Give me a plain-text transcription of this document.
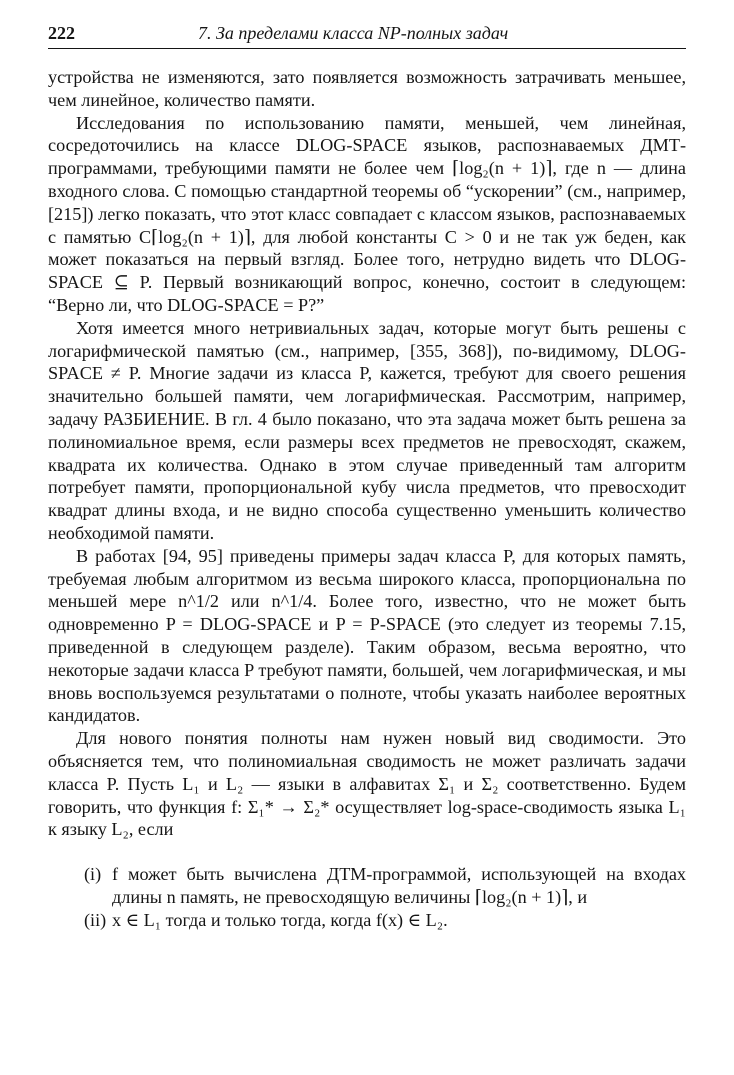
222	7. За пределами класса NP-полных задач

устройства не изменяются, зато появляется возможность затрачивать меньшее, чем линейное, количество памяти.

Исследования по использованию памяти, меньшей, чем линейная, сосредоточились на классе DLOG-SPACE языков, распознаваемых ДМТ-программами, требующими памяти не более чем ⌈log₂(n + 1)⌉, где n — длина входного слова. С помощью стандартной теоремы об “ускорении” (см., например, [215]) легко показать, что этот класс совпадает с классом языков, распознаваемых с памятью C⌈log₂(n + 1)⌉, для любой константы C > 0 и не так уж беден, как может показаться на первый взгляд. Более того, нетрудно видеть что DLOG-SPACE ⊆ P. Первый возникающий вопрос, конечно, состоит в следующем: “Верно ли, что DLOG-SPACE = P?”

Хотя имеется много нетривиальных задач, которые могут быть решены с логарифмической памятью (см., например, [355, 368]), по-видимому, DLOG-SPACE ≠ P. Многие задачи из класса P, кажется, требуют для своего решения значительно большей памяти, чем логарифмическая. Рассмотрим, например, задачу РАЗБИЕНИЕ. В гл. 4 было показано, что эта задача может быть решена за полиномиальное время, если размеры всех предметов не превосходят, скажем, квадрата их количества. Однако в этом случае приведенный там алгоритм потребует памяти, пропорциональной кубу числа предметов, что превосходит квадрат длины входа, и не видно способа существенно уменьшить количество необходимой памяти.

В работах [94, 95] приведены примеры задач класса P, для которых память, требуемая любым алгоритмом из весьма широкого класса, пропорциональна по меньшей мере n^1/2 или n^1/4. Более того, известно, что не может быть одновременно P = DLOG-SPACE и P = P-SPACE (это следует из теоремы 7.15, приведенной в следующем разделе). Таким образом, весьма вероятно, что некоторые задачи класса P требуют памяти, большей, чем логарифмическая, и мы вновь воспользуемся результатами о полноте, чтобы указать наиболее вероятных кандидатов.

Для нового понятия полноты нам нужен новый вид сводимости. Это объясняется тем, что полиномиальная сводимость не может различать задачи класса P. Пусть L₁ и L₂ — языки в алфавитах Σ₁ и Σ₂ соответственно. Будем говорить, что функция f: Σ₁* → Σ₂* осуществляет log-space-сводимость языка L₁ к языку L₂, если

(i) f может быть вычислена ДТМ-программой, использующей на входах длины n память, не превосходящую величины ⌈log₂(n + 1)⌉, и
(ii) x ∈ L₁ тогда и только тогда, когда f(x) ∈ L₂.
